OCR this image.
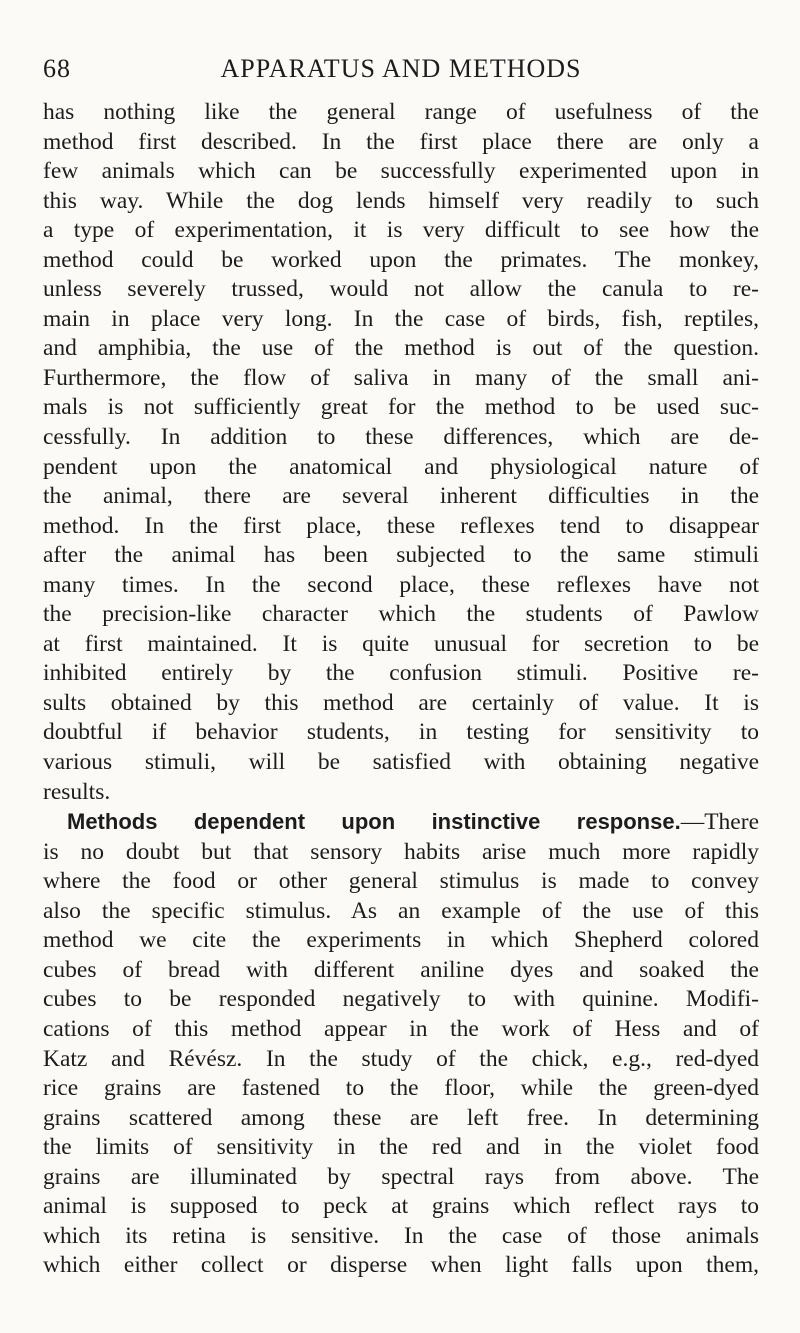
68	APPARATUS AND METHODS

has nothing like the general range of usefulness of the
method first described. In the first place there are only a
few animals which can be successfully experimented upon in
this way. While the dog lends himself very readily to such
a type of experimentation, it is very difficult to see how the
method could be worked upon the primates. The monkey,
unless severely trussed, would not allow the canula to re-
main in place very long. In the case of birds, fish, reptiles,
and amphibia, the use of the method is out of the question.
Furthermore, the flow of saliva in many of the small ani-
mals is not sufficiently great for the method to be used suc-
cessfully. In addition to these differences, which are de-
pendent upon the anatomical and physiological nature of
the animal, there are several inherent difficulties in the
method. In the first place, these reflexes tend to disappear
after the animal has been subjected to the same stimuli
many times. In the second place, these reflexes have not
the precision-like character which the students of Pawlow
at first maintained. It is quite unusual for secretion to be
inhibited entirely by the confusion stimuli. Positive re-
sults obtained by this method are certainly of value. It is
doubtful if behavior students, in testing for sensitivity to
various stimuli, will be satisfied with obtaining negative
results.

Methods dependent upon instinctive response.—There
is no doubt but that sensory habits arise much more rapidly
where the food or other general stimulus is made to convey
also the specific stimulus. As an example of the use of this
method we cite the experiments in which Shepherd colored
cubes of bread with different aniline dyes and soaked the
cubes to be responded negatively to with quinine. Modifi-
cations of this method appear in the work of Hess and of
Katz and Révész. In the study of the chick, e.g., red-dyed
rice grains are fastened to the floor, while the green-dyed
grains scattered among these are left free. In determining
the limits of sensitivity in the red and in the violet food
grains are illuminated by spectral rays from above. The
animal is supposed to peck at grains which reflect rays to
which its retina is sensitive. In the case of those animals
which either collect or disperse when light falls upon them,
